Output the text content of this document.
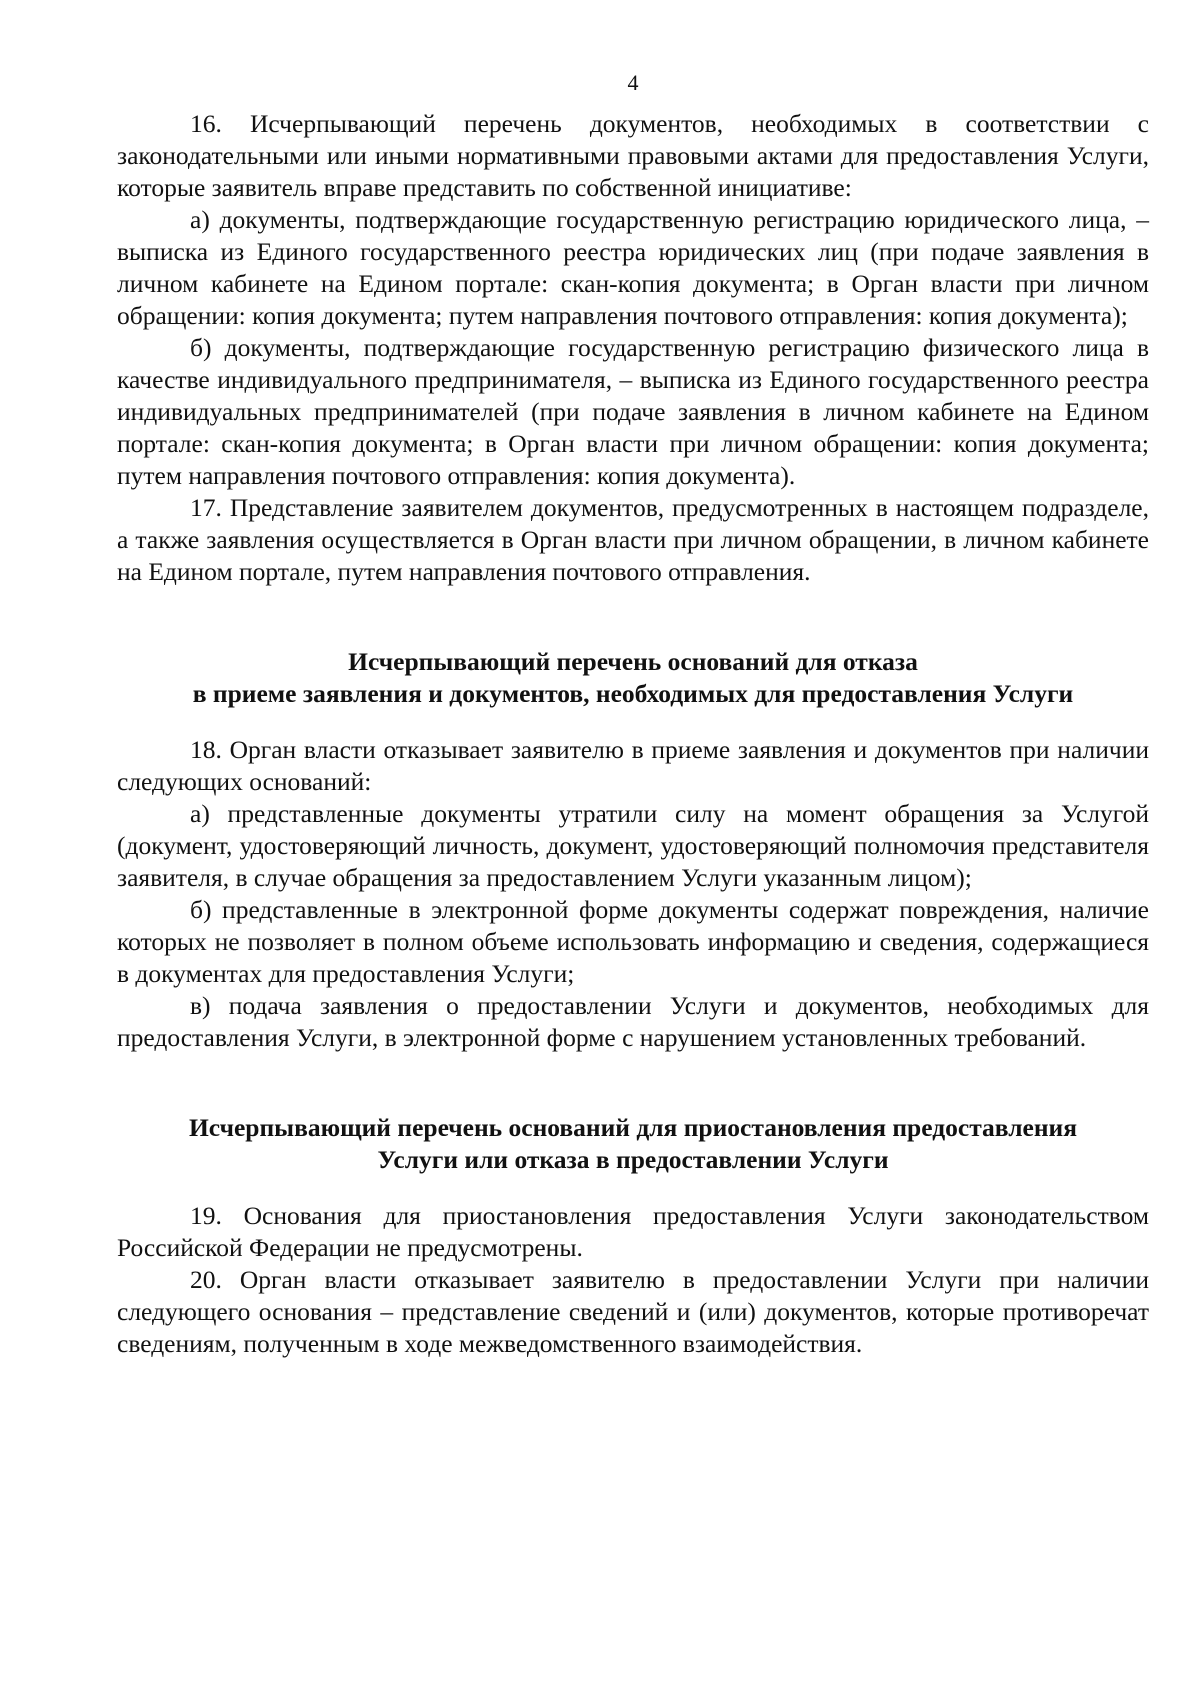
4

16. Исчерпывающий перечень документов, необходимых в соответствии с законодательными или иными нормативными правовыми актами для предоставления Услуги, которые заявитель вправе представить по собственной инициативе:

а) документы, подтверждающие государственную регистрацию юридического лица, – выписка из Единого государственного реестра юридических лиц (при подаче заявления в личном кабинете на Едином портале: скан-копия документа; в Орган власти при личном обращении: копия документа; путем направления почтового отправления: копия документа);

б) документы, подтверждающие государственную регистрацию физического лица в качестве индивидуального предпринимателя, – выписка из Единого государственного реестра индивидуальных предпринимателей (при подаче заявления в личном кабинете на Едином портале: скан-копия документа; в Орган власти при личном обращении: копия документа; путем направления почтового отправления: копия документа).

17. Представление заявителем документов, предусмотренных в настоящем подразделе, а также заявления осуществляется в Орган власти при личном обращении, в личном кабинете на Едином портале, путем направления почтового отправления.

Исчерпывающий перечень оснований для отказа
в приеме заявления и документов, необходимых для предоставления Услуги

18. Орган власти отказывает заявителю в приеме заявления и документов при наличии следующих оснований:

а) представленные документы утратили силу на момент обращения за Услугой (документ, удостоверяющий личность, документ, удостоверяющий полномочия представителя заявителя, в случае обращения за предоставлением Услуги указанным лицом);

б) представленные в электронной форме документы содержат повреждения, наличие которых не позволяет в полном объеме использовать информацию и сведения, содержащиеся в документах для предоставления Услуги;

в) подача заявления о предоставлении Услуги и документов, необходимых для предоставления Услуги, в электронной форме с нарушением установленных требований.

Исчерпывающий перечень оснований для приостановления предоставления
Услуги или отказа в предоставлении Услуги

19. Основания для приостановления предоставления Услуги законодательством Российской Федерации не предусмотрены.

20. Орган власти отказывает заявителю в предоставлении Услуги при наличии следующего основания – представление сведений и (или) документов, которые противоречат сведениям, полученным в ходе межведомственного взаимодействия.
